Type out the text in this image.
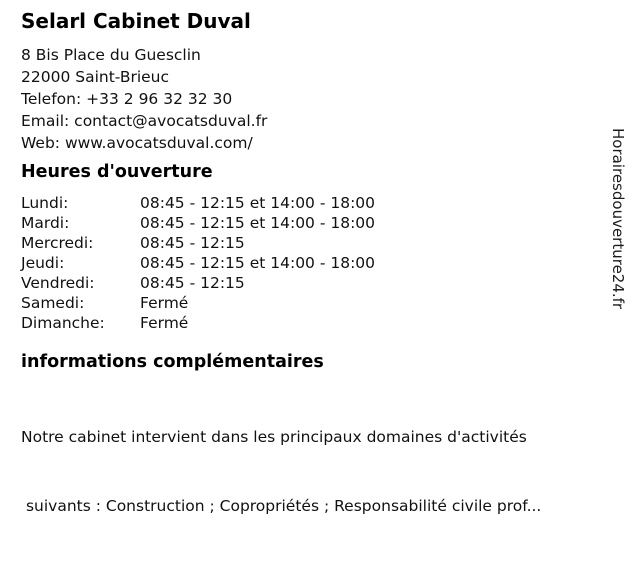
Selarl Cabinet Duval
8 Bis Place du Guesclin
22000 Saint-Brieuc
Telefon: +33 2 96 32 32 30
Email: contact@avocatsduval.fr
Web: www.avocatsduval.com/
Heures d'ouverture
Lundi:	08:45 - 12:15 et 14:00 - 18:00
Mardi:	08:45 - 12:15 et 14:00 - 18:00
Mercredi:	08:45 - 12:15
Jeudi:	08:45 - 12:15 et 14:00 - 18:00
Vendredi:	08:45 - 12:15
Samedi:	Fermé
Dimanche:	Fermé
informations complémentaires

Notre cabinet intervient dans les principaux domaines d'activités

suivants : Construction ; Copropriétés ; Responsabilité civile prof...

Horairesdouverture24.fr
